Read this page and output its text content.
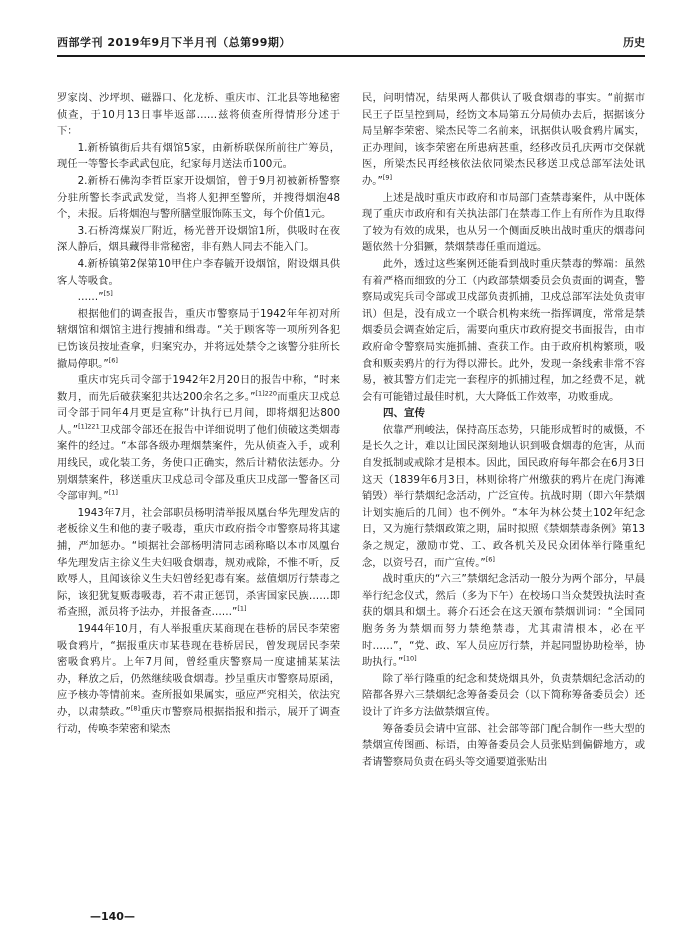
西部学刊 2019年9月下半月刊（总第99期）	历史

罗家岗、沙坪坝、磁器口、化龙桥、重庆市、江北县等地秘密侦查，于10月13日事毕返部……兹将侦查所得情形分述于下：

1.新桥镇街后共有烟馆5家，由新桥联保所前往广筹员，现任一等警长李武武包庇，纪家每月送法币100元。

2.新桥石佛沟李哲臣家开设烟馆，曾于9月初被新桥警察分驻所警长李武武发觉，当将人犯押至警所，并搜得烟泡48个，未报。后将烟泡与警所膳堂服饰陈玉文，每个价值1元。

3.石桥湾煤炭厂附近，杨光普开设烟馆1所，供吸时在夜深人静后，烟具藏得非常秘密，非有熟人同去不能入门。

4.新桥镇第2保第10甲住户李春毓开设烟馆，附设烟具供客人等吸食。

……”[5]

根据他们的调查报告，重庆市警察局于1942年年初对所辖烟馆和烟馆主进行搜捕和缉毒。“关于顾客等一项所列各犯已饬该员按址查拿，归案究办，并将远处禁令之该警分驻所长撤局停职。”[6]

重庆市宪兵司令部于1942年2月20日的报告中称，“时来数月，而先后破获案犯共达200余名之多。”$^{[1]220}$而重庆卫戍总司令部于同年4月更是宣称“计执行已月间，即将烟犯达800人。”$^{[1]221}$卫戍部令部还在报告中详细说明了他们侦破这类烟毒案件的经过。“本部各级办理烟禁案件，先从侦查入手，或利用线民，或化装工务，务使口正确实，然后计精依法惩办。分别烟禁案件，移送重庆卫戍总司令部及重庆卫戍部一警备区司令部审判。”[1]

1943年7月，社会部职员杨明清举报凤凰台华先理发店的老板徐义生和他的妻子吸毒，重庆市政府指令市警察局将其逮捕，严加惩办。“顷据社会部杨明清同志函称略以本市凤凰台华先理发店主徐义生夫妇吸食烟毒，规劝戒除，不惟不听，反欧辱人，且闻该徐义生夫妇曾经犯毒有案。兹值烟厉行禁毒之际，该犯犹复贩毒吸毒，若不肃正惩罚，杀害国家民族……即希查照，派员将予法办，并报备查……”[1]

1944年10月，有人举报重庆某商现在巷桥的居民李荣密吸食鸦片，“据报重庆市某巷现在巷桥居民，曾发现居民李荣密吸食鸦片。上年7月间，曾经重庆警察局一度逮捕某某法办，释放之后，仍然继续吸食烟毒。抄呈重庆市警察局原函，应予核办等情前来。查所报如果属实，亟应严究相关，依法究办，以肃禁政。”[8]重庆市警察局根据指报和指示，展开了调查行动，传唤李荣密和梁杰

民，问明情况，结果两人都供认了吸食烟毒的事实。“前据市民王子臣呈控到局，经饬文本局第五分局侦办去后，据据该分局呈解李荣密、梁杰民等二名前来，讯据供认吸食鸦片属实，正办理间，该李荣密在所患病甚重，经移改员孔庆两市交保就医，所梁杰民再经核依法依同梁杰民移送卫戍总部军法处讯办。”[9]

上述是战时重庆市政府和市局部门查禁毒案件，从中既体现了重庆市政府和有关执法部门在禁毒工作上有所作为且取得了较为有效的成果，也从另一个侧面反映出战时重庆的烟毒问题依然十分猖獗，禁烟禁毒任重而道远。

此外，透过这些案例还能看到战时重庆禁毒的弊端：虽然有着严格而细致的分工（内政部禁烟委员会负责面的调查，警察局或宪兵司令部或卫戍部负责抓捕，卫戍总部军法处负责审讯）但是，没有成立一个联合机构来统一指挥调度，常常是禁烟委员会调查始定后，需要向重庆市政府提交书面报告，由市政府命令警察局实施抓捕、查获工作。由于政府机构繁琐，吸食和贩卖鸦片的行为得以滞长。此外，发现一条线索非常不容易，被其警方们走完一套程序的抓捕过程，加之经费不足，就会有可能错过最佳时机，大大降低工作效率，功败垂成。

四、宣传

依靠严刑峻法，保持高压态势，只能形成暂时的威慑，不是长久之计，难以让国民深刻地认识到吸食烟毒的危害，从而自发抵制或戒除才是根本。因此，国民政府每年都会在6月3日这天（1839年6月3日，林则徐将广州缴获的鸦片在虎门海滩销毁）举行禁烟纪念活动，广泛宣传。抗战时期（即六年禁烟计划实施后的几间）也不例外。“本年为林公焚土102年纪念日，又为施行禁烟政策之期，届时拟照《禁烟禁毒条例》第13条之规定，激励市党、工、政各机关及民众团体举行隆重纪念，以资号召，而广宣传。”[6]

战时重庆的“六三”禁烟纪念活动一般分为两个部分，早晨举行纪念仪式，然后（多为下午）在校场口当众焚毁执法时查获的烟具和烟土。蒋介石还会在这天颁布禁烟训词：“全国同胞务务为禁烟而努力禁绝禁毒，尤其肃清根本，必在平时……”，“党、政、军人员应厉行禁，并起同盟协助检举，协助执行。”[10]

除了举行隆重的纪念和焚烧烟具外，负责禁烟纪念活动的陪都各界六三禁烟纪念筹备委员会（以下简称筹备委员会）还设计了许多方法做禁烟宣传。

筹备委员会请中宣部、社会部等部门配合制作一些大型的禁烟宣传图画、标语，由筹备委员会人员张贴到偏僻地方，或者请警察局负责在码头等交通要道张贴出

—140—
